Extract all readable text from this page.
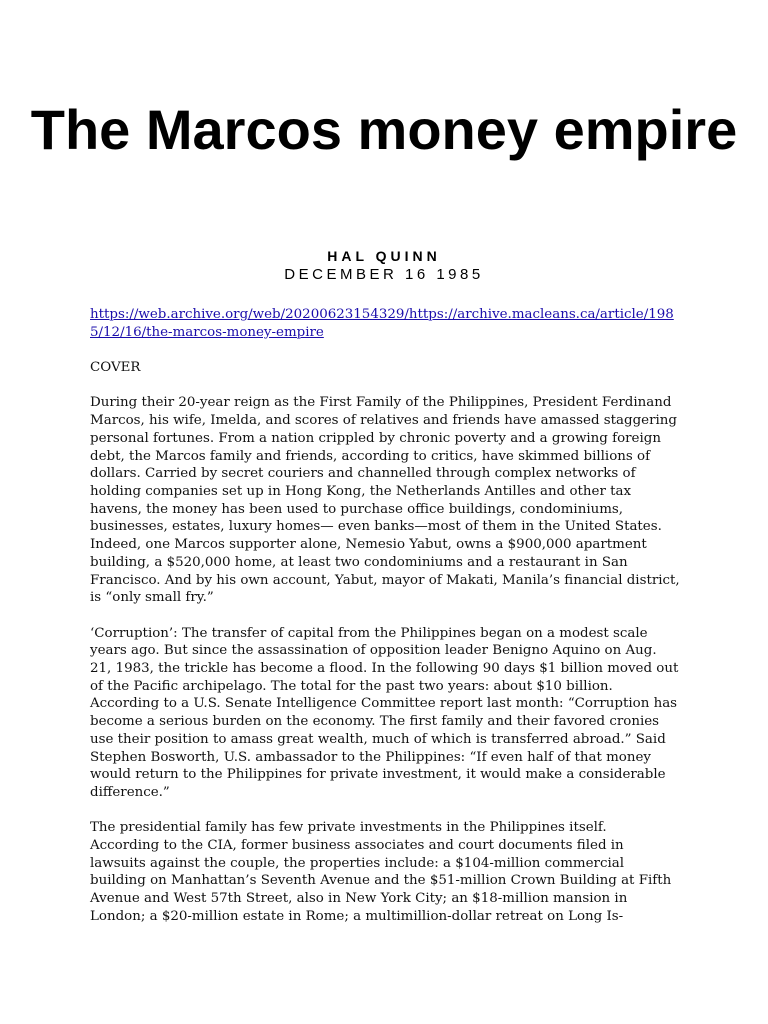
The Marcos money empire
HAL QUINN
DECEMBER 16 1985

https://web.archive.org/web/20200623154329/https://archive.macleans.ca/article/1985/12/16/the-marcos-money-empire

COVER

During their 20-year reign as the First Family of the Philippines, President Ferdinand Marcos, his wife, Imelda, and scores of relatives and friends have amassed staggering personal fortunes. From a nation crippled by chronic poverty and a growing foreign debt, the Marcos family and friends, according to critics, have skimmed billions of dollars. Carried by secret couriers and channelled through complex networks of holding companies set up in Hong Kong, the Netherlands Antilles and other tax havens, the money has been used to purchase office buildings, condominiums, businesses, estates, luxury homes— even banks—most of them in the United States. Indeed, one Marcos supporter alone, Nemesio Yabut, owns a $900,000 apartment building, a $520,000 home, at least two condominiums and a restaurant in San Francisco. And by his own account, Yabut, mayor of Makati, Manila’s financial district, is “only small fry.”

‘Corruption’: The transfer of capital from the Philippines began on a modest scale years ago. But since the assassination of opposition leader Benigno Aquino on Aug. 21, 1983, the trickle has become a flood. In the following 90 days $1 billion moved out of the Pacific archipelago. The total for the past two years: about $10 billion. According to a U.S. Senate Intelligence Committee report last month: “Corruption has become a serious burden on the economy. The first family and their favored cronies use their position to amass great wealth, much of which is transferred abroad.” Said Stephen Bosworth, U.S. ambassador to the Philippines: “If even half of that money would return to the Philippines for private investment, it would make a considerable difference.”

The presidential family has few private investments in the Philippines itself. According to the CIA, former business associates and court documents filed in lawsuits against the couple, the properties include: a $104-million commercial building on Manhattan’s Seventh Avenue and the $51-million Crown Building at Fifth Avenue and West 57th Street, also in New York City; an $18-million mansion in London; a $20-million estate in Rome; a multimillion-dollar retreat on Long Is-
